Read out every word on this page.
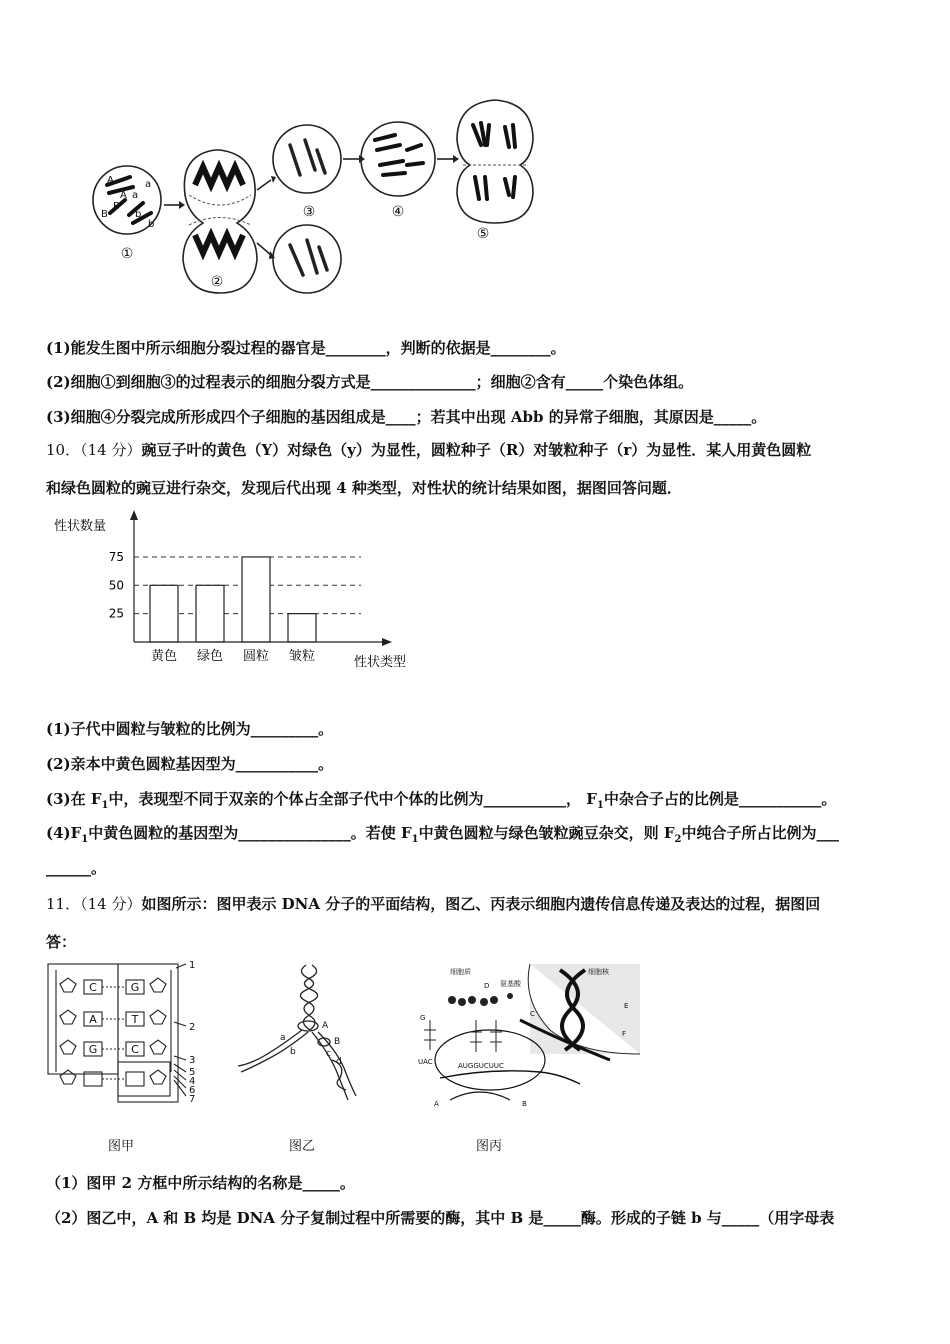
A	a
A a
B
B
b
b
①
②
③	④
⑤
(1)能发生图中所示细胞分裂过程的器官是________，判断的依据是________。
(2)细胞①到细胞③的过程表示的细胞分裂方式是______________；细胞②含有_____个染色体组。
(3)细胞④分裂完成所形成四个子细胞的基因组成是____；若其中出现 Abb 的异常子细胞，其原因是_____。
10．（14 分）豌豆子叶的黄色（Y）对绿色（y）为显性，圆粒种子（R）对皱粒种子（r）为显性．某人用黄色圆粒
和绿色圆粒的豌豆进行杂交，发现后代出现 4 种类型，对性状的统计结果如图，据图回答问题．
性状数量
性状类型
25
50
75
黄色 绿色 圆粒 皱粒
(1)子代中圆粒与皱粒的比例为_________。
(2)亲本中黄色圆粒基因型为___________。
(3)在 $F_1$中，表现型不同于双亲的个体占全部子代中个体的比例为___________， $F_1$中杂合子占的比例是___________。
$(4)F_1$中黄色圆粒的基因型为_______________。若使 $F_1$中黄色圆粒与绿色皱粒豌豆杂交，则 $F_2$中纯合子所占比例为___
______。
11．（14 分）如图所示：图甲表示 DNA 分子的平面结构，图乙、丙表示细胞内遗传信息传递及表达的过程，据图回
答：
C
A
G
G
T
C
1
2
3
5
4
6
7
图甲
A
B
a
b	c
d
图乙
细胞质
氨基酸
细胞核
D
G	C
E
F
A	B
UAC	AUGGUCUUC
图丙
（1）图甲 2 方框中所示结构的名称是_____。
（2）图乙中，A 和 B 均是 DNA 分子复制过程中所需要的酶，其中 B 是_____酶。形成的子链 b 与_____（用字母表
